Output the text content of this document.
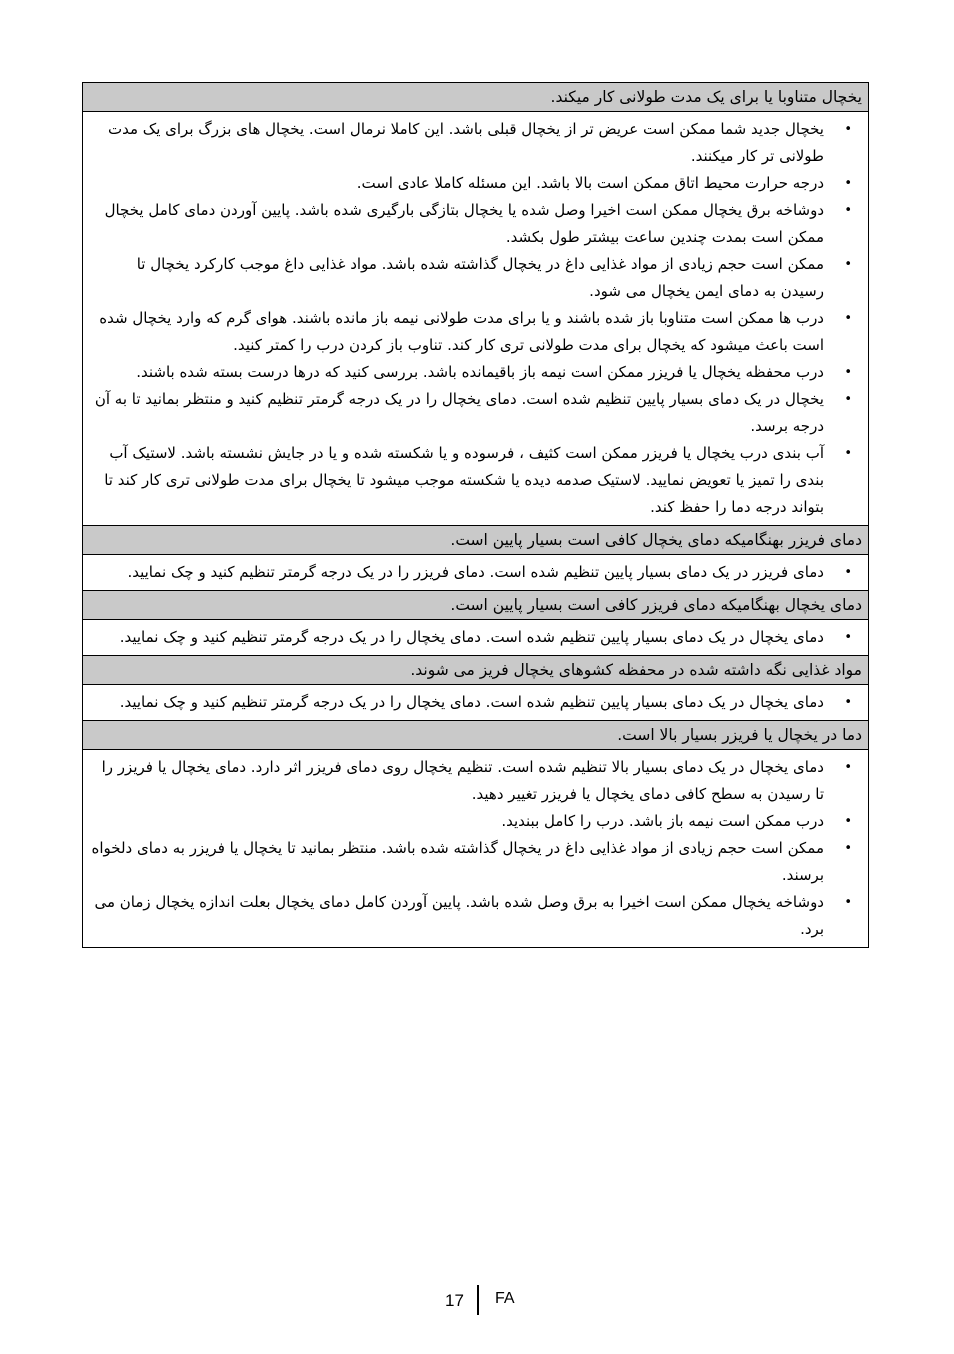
یخچال متناوبا یا برای یک مدت طولانی کار میکند.
•
یخچال جدید شما ممکن است عریض تر از یخچال قبلی باشد. این کاملا نرمال است. یخچال های بزرگ برای یک مدت طولانی تر کار میکنند.
•
درجه حرارت محیط اتاق ممکن است بالا باشد. این مسئله کاملا عادی است.
•
دوشاخه برق یخچال ممکن است اخیرا وصل شده یا یخچال بتازگی بارگیری شده باشد. پایین آوردن دمای کامل یخچال ممکن است بمدت چندین ساعت بیشتر طول بکشد.
•
ممکن است حجم زیادی از مواد غذایی داغ در یخچال گذاشته شده باشد. مواد غذایی داغ موجب کارکرد یخچال تا رسیدن به دمای ایمن یخچال می شود.
•
درب ها ممکن است متناوبا باز شده باشند و یا برای مدت طولانی نیمه باز مانده باشند. هوای گرم که وارد یخچال شده است باعث میشود که یخچال برای مدت طولانی تری کار کند. تناوب باز کردن درب را کمتر کنید.
•
درب محفظه یخچال یا فریزر ممکن است نیمه باز باقیمانده باشد. بررسی کنید که درها درست بسته شده باشند.
•
یخچال در یک دمای بسیار پایین تنظیم شده است. دمای یخچال را در یک درجه گرمتر تنظیم کنید و منتظر بمانید تا به آن درجه برسد.
•
آب بندی درب یخچال یا فریزر ممکن است کثیف ، فرسوده و یا شکسته شده و یا در جایش نشسته باشد. لاستیک آب بندی را تمیز یا تعویض نمایید. لاستیک صدمه دیده یا شکسته موجب میشود تا یخچال برای مدت طولانی تری کار کند تا بتواند درجه دما را حفظ کند.
دمای فریزر بهنگامیکه دمای یخچال کافی است بسیار پایین است.
•
دمای فریزر در یک دمای بسیار پایین تنظیم شده است. دمای فریزر را در یک درجه گرمتر تنظیم کنید و چک نمایید.
دمای یخچال بهنگامیکه دمای فریزر کافی است بسیار پایین است.
•
دمای یخچال در یک دمای بسیار پایین تنظیم شده است. دمای یخچال را در یک درجه گرمتر تنظیم کنید و چک نمایید.
مواد غذایی نگه داشته شده در محفظه کشوهای یخچال فریز می شوند.
•
دمای یخچال در یک دمای بسیار پایین تنظیم شده است. دمای یخچال را در یک درجه گرمتر تنظیم کنید و چک نمایید.
دما در یخچال یا فریزر بسیار بالا است.
•
دمای یخچال در یک دمای بسیار بالا تنظیم شده است. تنظیم یخچال روی دمای فریزر اثر دارد. دمای یخچال یا فریزر را تا رسیدن به سطح کافی دمای یخچال یا فریزر تغییر دهید.
•
درب ممکن است نیمه باز باشد. درب را کامل ببندید.
•
ممکن است حجم زیادی از مواد غذایی داغ در یخچال گذاشته شده باشد. منتظر بمانید تا یخچال یا فریزر به دمای دلخواه برسند.
•
دوشاخه یخچال ممکن است اخیرا به برق وصل شده باشد. پایین آوردن کامل دمای یخچال بعلت اندازه یخچال زمان می برد.
17 FA
